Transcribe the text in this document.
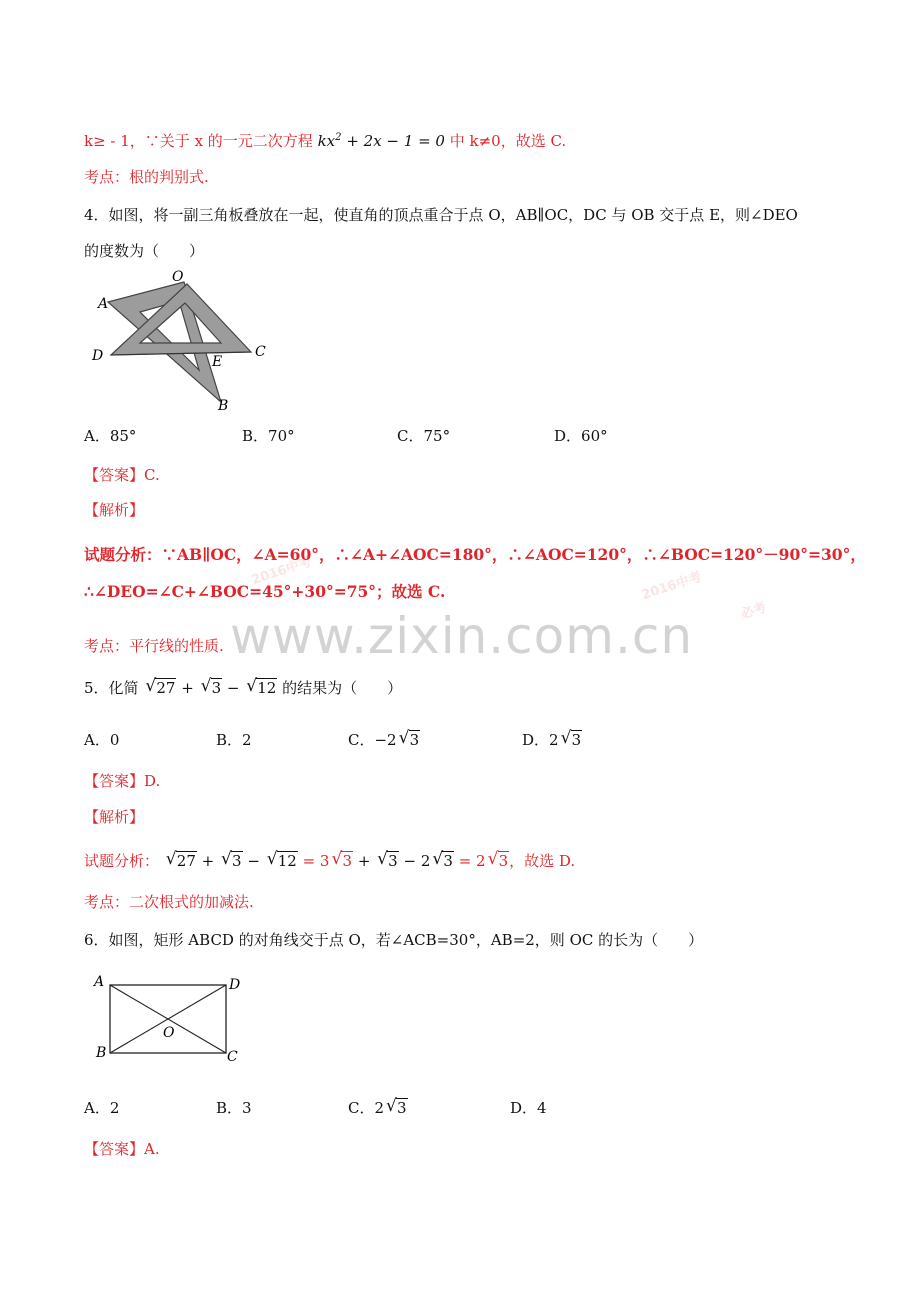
k≥ - 1，∵关于 x 的一元二次方程 $kx^2 + 2x - 1 = 0$ 中 k≠0，故选 C.
考点：根的判别式.
4．如图，将一副三角板叠放在一起，使直角的顶点重合于点 O，AB∥OC，DC 与 OB 交于点 E，则∠DEO
的度数为（　　）
O
A
D	C
E
B
A．85°	B．70°	C．75°	D．60°
【答案】C.
【解析】
2016中考	2016中考
必考
试题分析：∵AB∥OC，∠A=60°，∴∠A+∠AOC=180°，∴∠AOC=120°，∴∠BOC=120°－90°=30°，
∴∠DEO=∠C+∠BOC=45°+30°=75°；故选 C.
www.zixin.com.cn
考点：平行线的性质.
5．化简 √ 27 + √ 3 − √ 12 的结果为（　　）
A．0	B．2	C．−2 √ 3	D．2 √ 3
【答案】D.
【解析】
试题分析： √ 27 + √ 3 − √ 12 = 3 √ 3 + √ 3 − 2 √ 3 = 2 √ 3，故选 D.
考点：二次根式的加减法.
6．如图，矩形 ABCD 的对角线交于点 O，若∠ACB=30°，AB=2，则 OC 的长为（　　）
A	D
O
B	C
A．2	B．3	C．2 √ 3	D．4
【答案】A.
